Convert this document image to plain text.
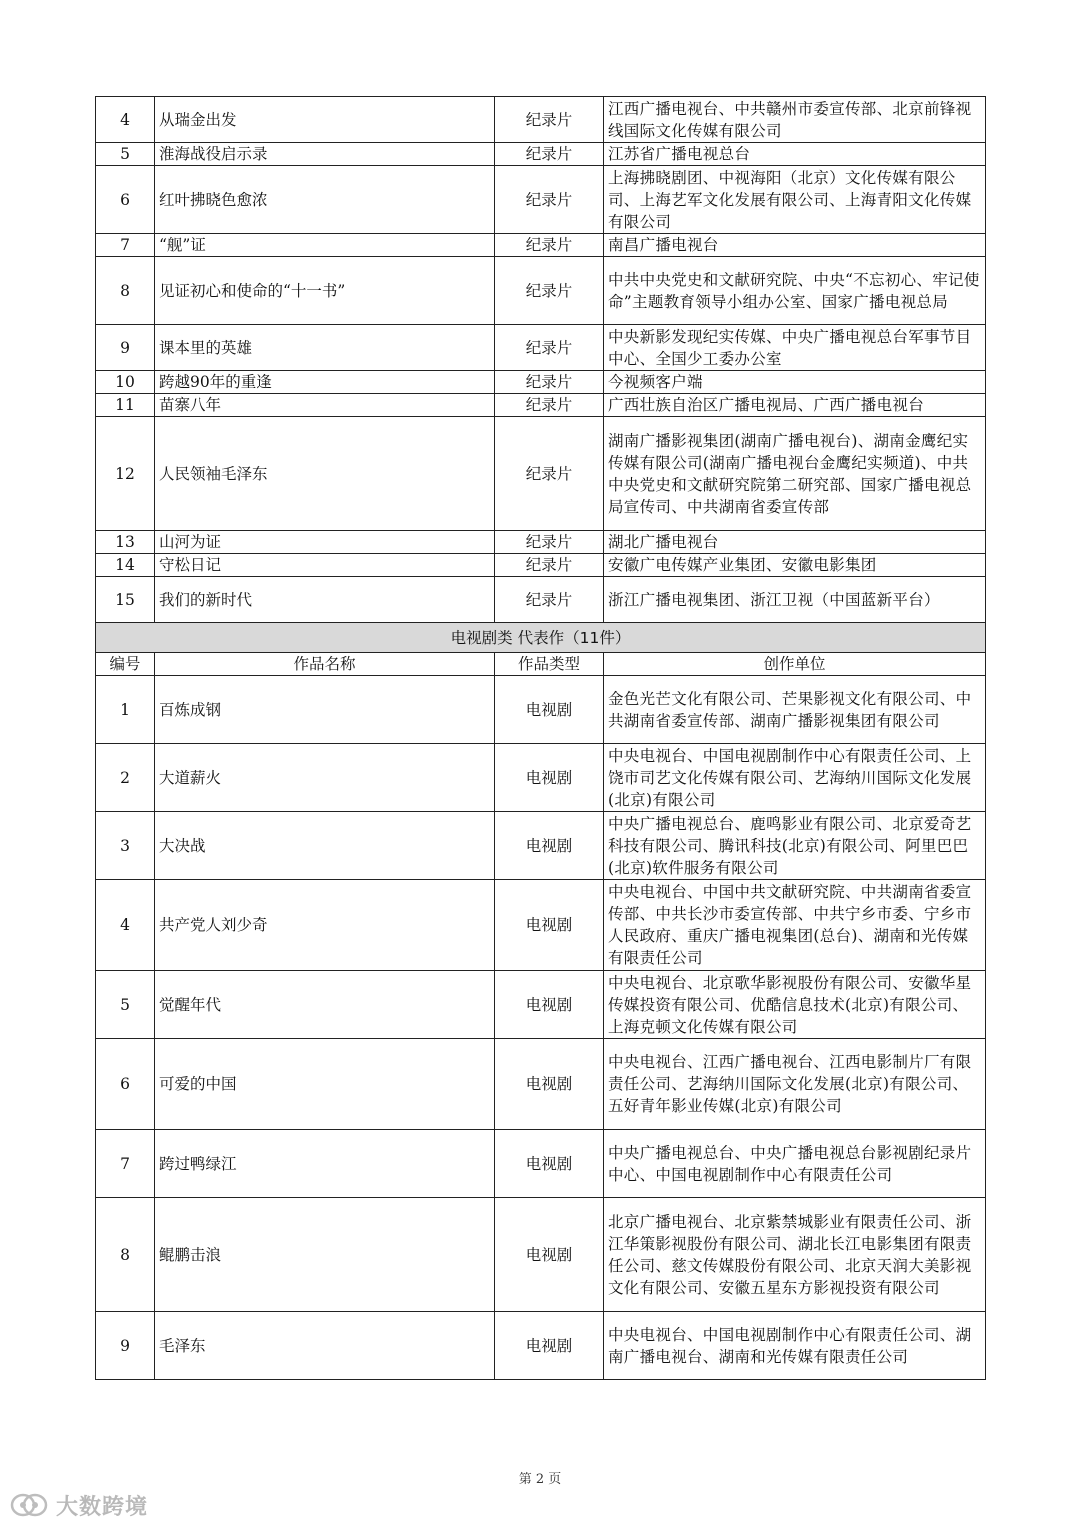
4	从瑞金出发	纪录片	江西广播电视台、中共赣州市委宣传部、北京前锋视线国际文化传媒有限公司
5	淮海战役启示录	纪录片	江苏省广播电视总台
6	红叶拂晓色愈浓	纪录片	上海拂晓剧团、中视海阳（北京）文化传媒有限公司、上海艺军文化发展有限公司、上海青阳文化传媒有限公司
7	“舰”证	纪录片	南昌广播电视台
8	见证初心和使命的“十一书”	纪录片	中共中央党史和文献研究院、中央“不忘初心、牢记使命”主题教育领导小组办公室、国家广播电视总局
9	课本里的英雄	纪录片	中央新影发现纪实传媒、中央广播电视总台军事节目中心、全国少工委办公室
10	跨越90年的重逢	纪录片	今视频客户端
11	苗寨八年	纪录片	广西壮族自治区广播电视局、广西广播电视台
12	人民领袖毛泽东	纪录片	湖南广播影视集团(湖南广播电视台)、湖南金鹰纪实传媒有限公司(湖南广播电视台金鹰纪实频道)、中共中央党史和文献研究院第二研究部、国家广播电视总局宣传司、中共湖南省委宣传部
13	山河为证	纪录片	湖北广播电视台
14	守松日记	纪录片	安徽广电传媒产业集团、安徽电影集团
15	我们的新时代	纪录片	浙江广播电视集团、浙江卫视（中国蓝新平台）
电视剧类 代表作（11件）			
编号	作品名称	作品类型	创作单位
1	百炼成钢	电视剧	金色光芒文化有限公司、芒果影视文化有限公司、中共湖南省委宣传部、湖南广播影视集团有限公司
2	大道薪火	电视剧	中央电视台、中国电视剧制作中心有限责任公司、上饶市司艺文化传媒有限公司、艺海纳川国际文化发展(北京)有限公司
3	大决战	电视剧	中央广播电视总台、鹿鸣影业有限公司、北京爱奇艺科技有限公司、腾讯科技(北京)有限公司、阿里巴巴(北京)软件服务有限公司
4	共产党人刘少奇	电视剧	中央电视台、中国中共文献研究院、中共湖南省委宣传部、中共长沙市委宣传部、中共宁乡市委、宁乡市人民政府、重庆广播电视集团(总台)、湖南和光传媒有限责任公司
5	觉醒年代	电视剧	中央电视台、北京歌华影视股份有限公司、安徽华星传媒投资有限公司、优酷信息技术(北京)有限公司、上海克顿文化传媒有限公司
6	可爱的中国	电视剧	中央电视台、江西广播电视台、江西电影制片厂有限责任公司、艺海纳川国际文化发展(北京)有限公司、五好青年影业传媒(北京)有限公司
7	跨过鸭绿江	电视剧	中央广播电视总台、中央广播电视总台影视剧纪录片中心、中国电视剧制作中心有限责任公司
8	鲲鹏击浪	电视剧	北京广播电视台、北京紫禁城影业有限责任公司、浙江华策影视股份有限公司、湖北长江电影集团有限责任公司、慈文传媒股份有限公司、北京天润大美影视文化有限公司、安徽五星东方影视投资有限公司
9	毛泽东	电视剧	中央电视台、中国电视剧制作中心有限责任公司、湖南广播电视台、湖南和光传媒有限责任公司
第 2 页
大数跨境
